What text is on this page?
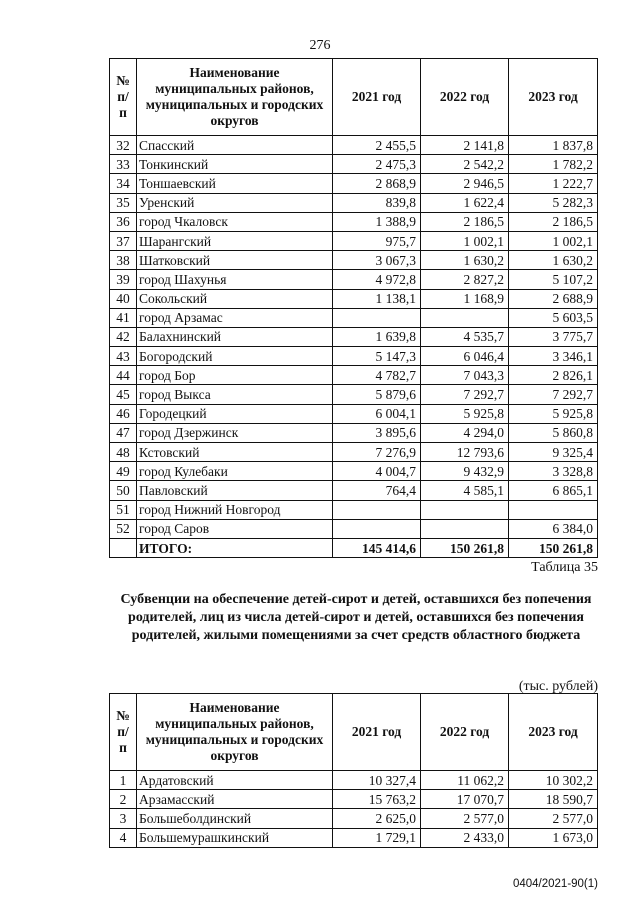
276
№ п/п	Наименование муниципальных районов, муниципальных и городских округов	2021 год	2022 год	2023 год
32	Спасский	2 455,5	2 141,8	1 837,8
33	Тонкинский	2 475,3	2 542,2	1 782,2
34	Тоншаевский	2 868,9	2 946,5	1 222,7
35	Уренский	839,8	1 622,4	5 282,3
36	город Чкаловск	1 388,9	2 186,5	2 186,5
37	Шарангский	975,7	1 002,1	1 002,1
38	Шатковский	3 067,3	1 630,2	1 630,2
39	город Шахунья	4 972,8	2 827,2	5 107,2
40	Сокольский	1 138,1	1 168,9	2 688,9
41	город Арзамас			5 603,5
42	Балахнинский	1 639,8	4 535,7	3 775,7
43	Богородский	5 147,3	6 046,4	3 346,1
44	город Бор	4 782,7	7 043,3	2 826,1
45	город Выкса	5 879,6	7 292,7	7 292,7
46	Городецкий	6 004,1	5 925,8	5 925,8
47	город Дзержинск	3 895,6	4 294,0	5 860,8
48	Кстовский	7 276,9	12 793,6	9 325,4
49	город Кулебаки	4 004,7	9 432,9	3 328,8
50	Павловский	764,4	4 585,1	6 865,1
51	город Нижний Новгород			
52	город Саров			6 384,0
	ИТОГО:	145 414,6	150 261,8	150 261,8
Таблица 35
Субвенции на обеспечение детей-сирот и детей, оставшихся без попечения родителей, лиц из числа детей-сирот и детей, оставшихся без попечения родителей, жилыми помещениями за счет средств областного бюджета
(тыс. рублей)
№ п/п	Наименование муниципальных районов, муниципальных и городских округов	2021 год	2022 год	2023 год
1	Ардатовский	10 327,4	11 062,2	10 302,2
2	Арзамасский	15 763,2	17 070,7	18 590,7
3	Большеболдинский	2 625,0	2 577,0	2 577,0
4	Большемурашкинский	1 729,1	2 433,0	1 673,0
0404/2021-90(1)
